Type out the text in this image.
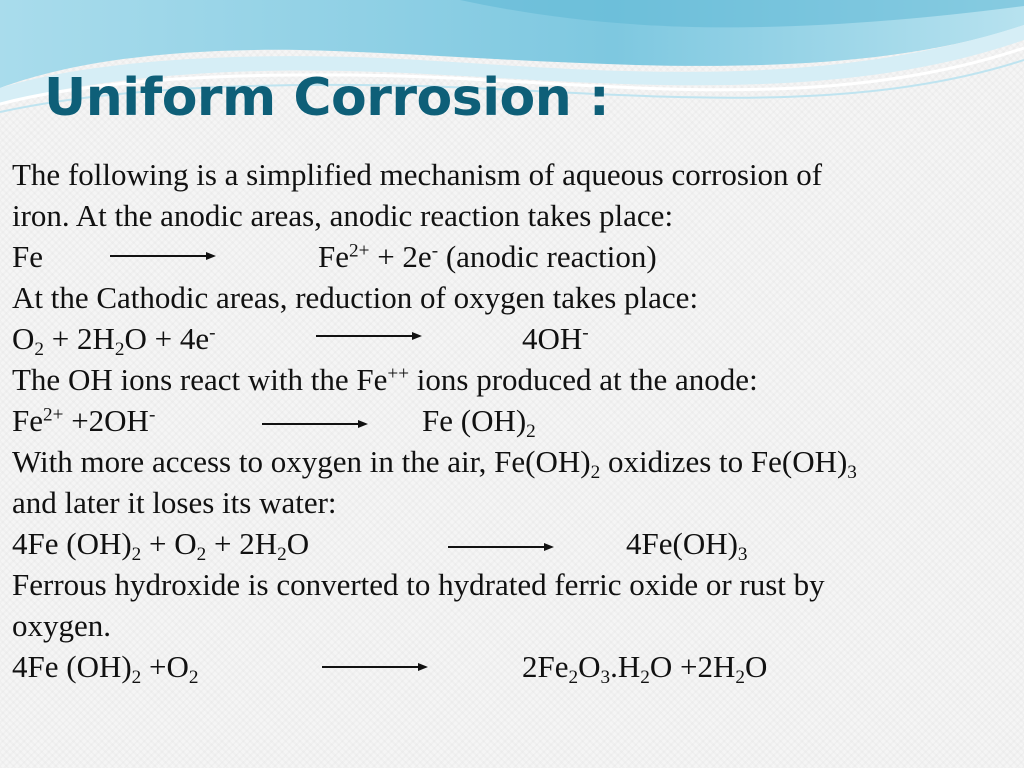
Uniform Corrosion :
The following is a simplified mechanism of aqueous corrosion of
iron. At the anodic areas, anodic reaction takes place:
Fe	$Fe^{2+} + 2e^-$ (anodic reaction)
At the Cathodic areas, reduction of oxygen takes place:
$O_2 + 2H_2O + 4e^-$	4OH-
The OH ions react with the Fe++ ions produced at the anode:
$Fe^{2+} +2OH^-$	Fe $(OH)_2$
With more access to oxygen in the air, $Fe(OH)_2$ oxidizes to $Fe(OH)_3$
and later it loses its water:
4Fe $(OH)_2 + O_2 + 2H_2O$	$4Fe(OH)_3$
Ferrous hydroxide is converted to hydrated ferric oxide or rust by
oxygen.
4Fe $(OH)_2 +O_2$	$2Fe_2O_3.H_2O +2H_2O$
